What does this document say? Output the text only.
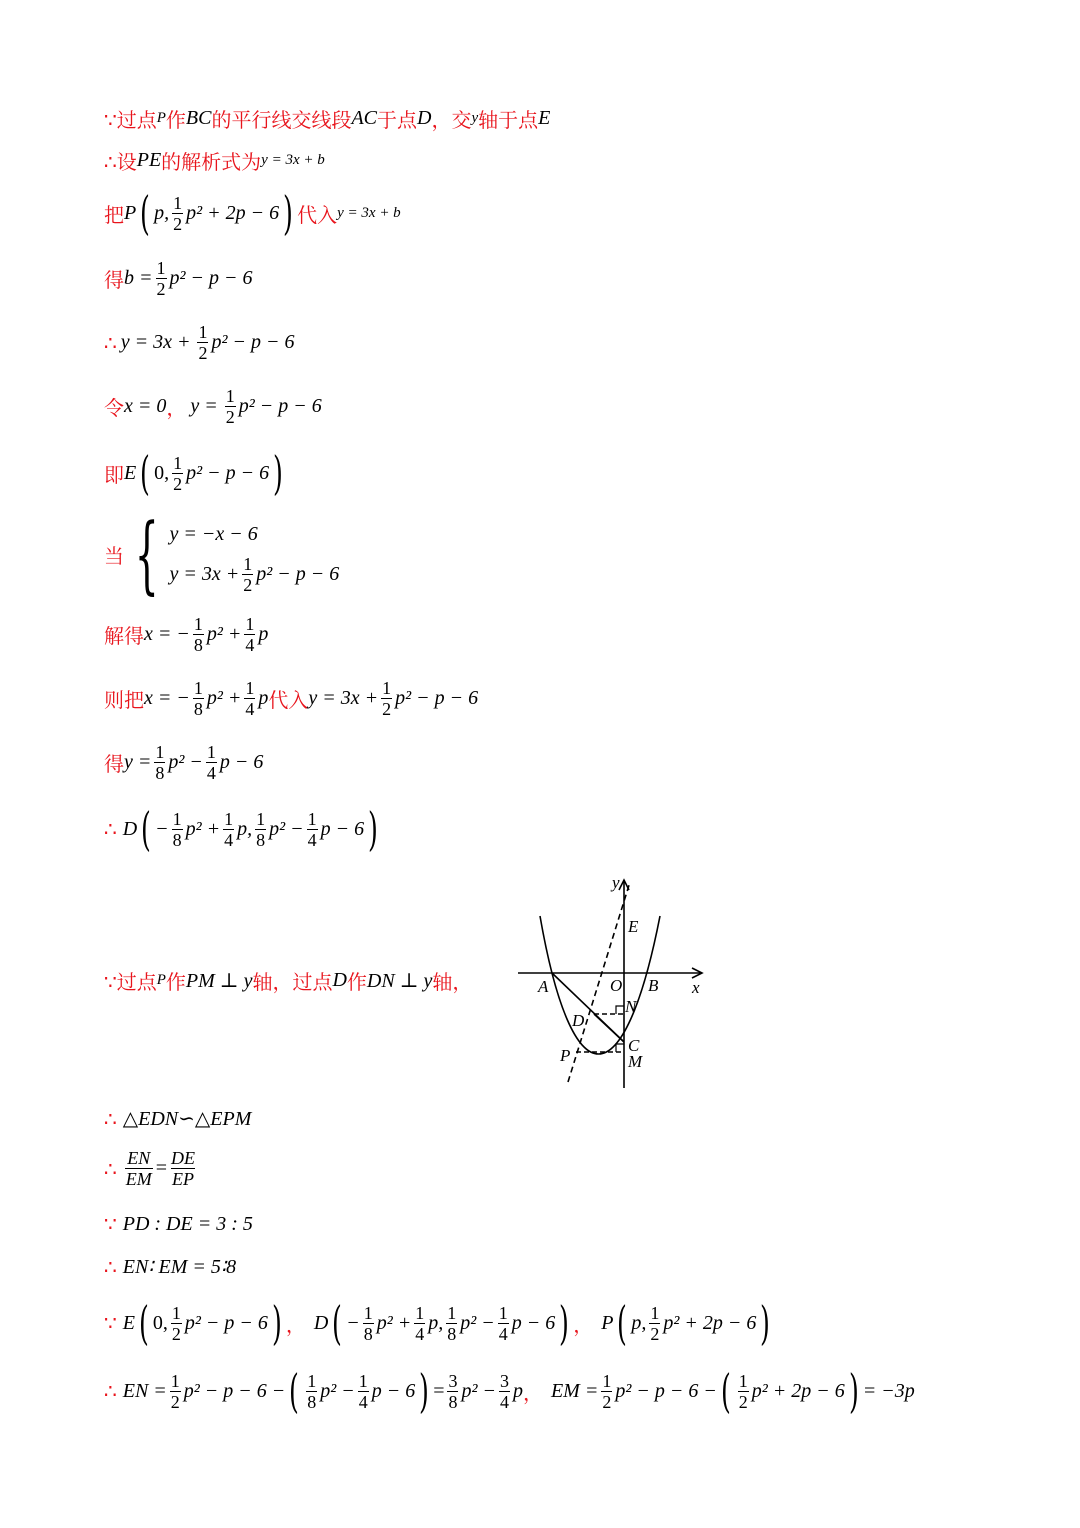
∵过点 P 作 BC 的平行线交线段 AC 于点 D ，交 y 轴于点 E
∴设 PE 的解析式为 y = 3x + b
把 P ( p, $\frac{1}{2} p^2 + 2p - 6$ ) 代入 y = 3x + b
得 $b = \frac{1}{2} p^2 - p - 6$
∴ $y = 3x + \frac{1}{2} p^2 - p - 6$
令 x = 0 ， $y = \frac{1}{2} p^2 - p - 6$
即 E ( 0, $\frac{1}{2} p^2 - p - 6$ )
当 { y = −x − 6
$y = 3x + \frac{1}{2} p^2 - p - 6$
解得 x = − $\frac{1}{8} p^2 + \frac{1}{4}$ p
则把 x = − $\frac{1}{8} p^2 + \frac{1}{4}$ p 代入 $y = 3x + \frac{1}{2} p^2 - p - 6$
得 $y = \frac{1}{8} p^2 - \frac{1}{4}$ p − 6
∴ D ( − $\frac{1}{8} p^2 + \frac{1}{4} p$, $\frac{1}{8} p^2 - \frac{1}{4}$ p − 6 )
∵过点 P 作 PM ⊥ y 轴，过点 D 作 DN ⊥ y 轴，
y
E
A	O B x
N
D
C
P	M
∴ △EDN∽△EPM
∴ $\frac{EN}{EM} = \frac{DE}{EP}$
∵ PD : DE = 3 : 5
∴ EN∶ EM = 5∶8
∵ E ( 0, $\frac{1}{2} p^2 - p - 6$ ) ， D ( − $\frac{1}{8} p^2 + \frac{1}{4} p$, $\frac{1}{8} p^2 - \frac{1}{4}$ p − 6 ) ， P ( p, $\frac{1}{2} p^2 + 2p - 6$ )
∴ EN = $\frac{1}{2} p^2 - p - 6$ − ( $\frac{1}{8} p^2 - \frac{1}{4}$ p − 6 ) = $\frac{3}{8} p^2 - \frac{3}{4}$ p ， EM = $\frac{1}{2} p^2 - p - 6$ − ( $\frac{1}{2} p^2 + 2p - 6$ ) = −3p
